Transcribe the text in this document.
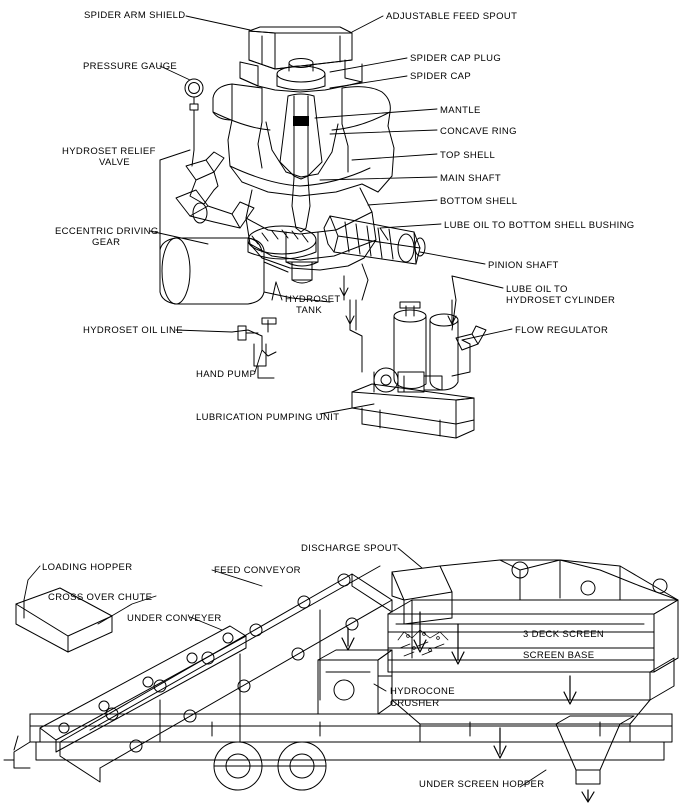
SPIDER ARM SHIELD	ADJUSTABLE FEED SPOUT
PRESSURE GAUGE
SPIDER CAP PLUG
SPIDER CAP
MANTLE
CONCAVE RING
HYDROSET RELIEF
VALVE
TOP SHELL
MAIN SHAFT
BOTTOM SHELL
LUBE OIL TO BOTTOM SHELL BUSHING
ECCENTRIC DRIVING
GEAR
PINION SHAFT
LUBE OIL TO
HYDROSET CYLINDER
HYDROSET
TANK
FLOW REGULATOR
HYDROSET OIL LINE
HAND PUMP
LUBRICATION PUMPING UNIT
DISCHARGE SPOUT
LOADING HOPPER	FEED CONVEYOR
CROSS OVER CHUTE
UNDER CONVEYER
3 DECK SCREEN
SCREEN BASE
HYDROCONE
CRUSHER
UNDER SCREEN HOPPER
